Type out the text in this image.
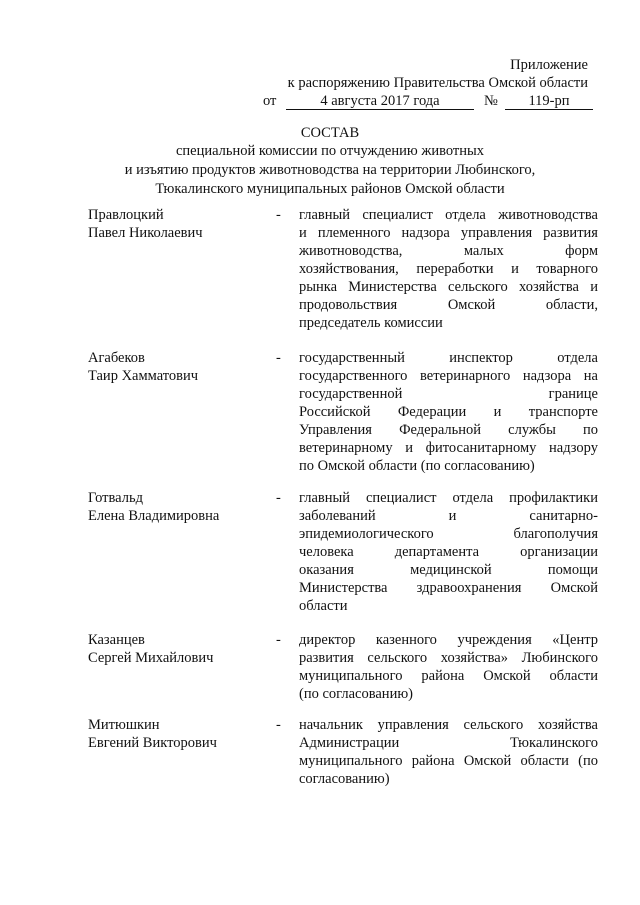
Приложение
к распоряжению Правительства Омской области
от	4 августа 2017 года	№	119-рп
СОСТАВ
специальной комиссии по отчуждению животных
и изъятию продуктов животноводства на территории Любинского,
Тюкалинского муниципальных районов Омской области
Правлоцкий
Павел Николаевич
- главный специалист отдела животноводства
и племенного надзора управления развития
животноводства,	малых	форм
хозяйствования, переработки и товарного
рынка Министерства сельского хозяйства и
продовольствия	Омской	области,
председатель комиссии
Агабеков
Таир Хамматович
- государственный	инспектор	отдела
государственного ветеринарного надзора на
государственной	границе
Российской Федерации и транспорте
Управления Федеральной службы по
ветеринарному и фитосанитарному надзору
по Омской области (по согласованию)
Готвальд
Елена Владимировна
- главный специалист отдела профилактики
заболеваний	и	санитарно-
эпидемиологического	благополучия
человека	департамента	организации
оказания	медицинской	помощи
Министерства здравоохранения Омской
области
Казанцев
Сергей Михайлович
- директор казенного учреждения «Центр
развития сельского хозяйства» Любинского
муниципального района Омской области
(по согласованию)
Митюшкин
Евгений Викторович
- начальник управления сельского хозяйства
Администрации	Тюкалинского
муниципального района Омской области (по
согласованию)
